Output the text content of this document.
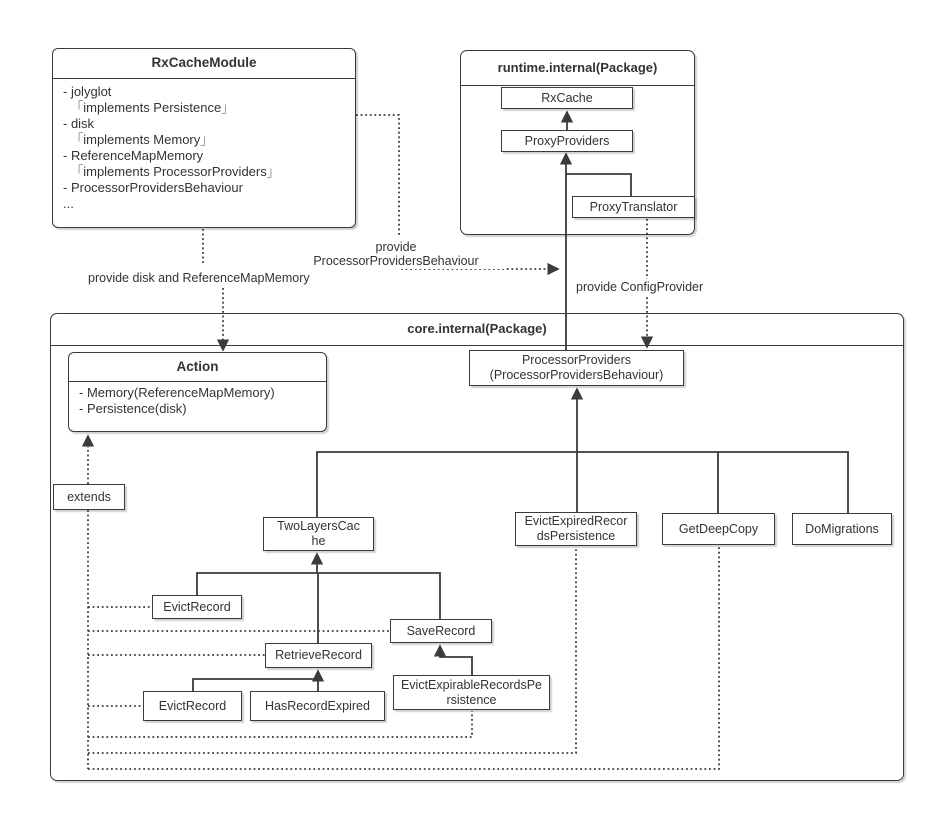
runtime.internal(Package)
core.internal(Package)
RxCacheModule
- jolyglot
「implements Persistence」
- disk
「implements Memory」
- ReferenceMapMemory
「implements ProcessorProviders」
- ProcessorProvidersBehaviour
...
RxCache
ProxyProviders
ProxyTranslator
Action
- Memory(ReferenceMapMemory)
- Persistence(disk)
ProcessorProviders
(ProcessorProvidersBehaviour)
extends
TwoLayersCache
EvictExpiredRecordsPersistence
GetDeepCopy	DoMigrations
EvictRecord
SaveRecord
RetrieveRecord
EvictRecord	HasRecordExpired
EvictExpirableRecordsPersistence
provide disk and ReferenceMapMemory
provide
ProcessorProvidersBehaviour
provide ConfigProvider
